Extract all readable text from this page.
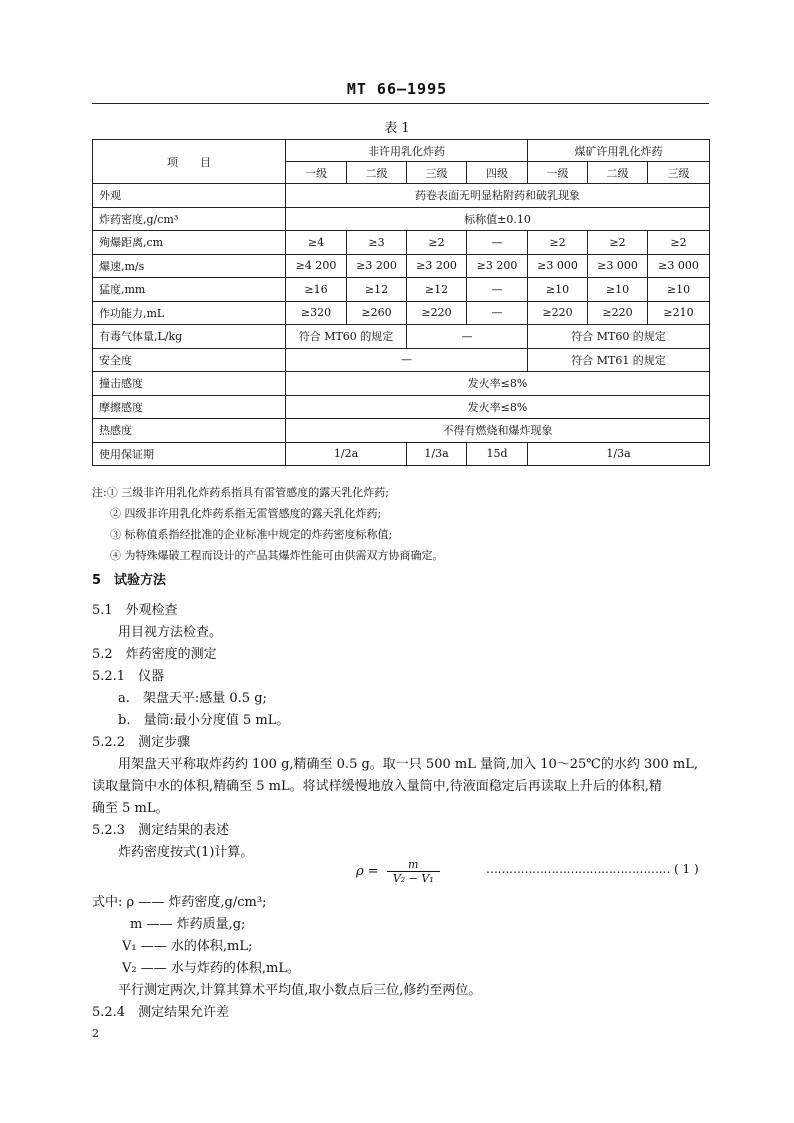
MT 66—1995
表 1
项　　目	非许用乳化炸药				煤矿许用乳化炸药		
	一级	二级	三级	四级	一级	二级	三级
外观	药卷表面无明显粘附药和破乳现象						
炸药密度,g/cm³	标称值±0.10						
殉爆距离,cm	≥4	≥3	≥2	—	≥2	≥2	≥2
爆速,m/s	≥4 200	≥3 200	≥3 200	≥3 200	≥3 000	≥3 000	≥3 000
猛度,mm	≥16	≥12	≥12	—	≥10	≥10	≥10
作功能力,mL	≥320	≥260	≥220	—	≥220	≥220	≥210
有毒气体量,L/kg	符合 MT60 的规定		—		符合 MT60 的规定		
安全度	—				符合 MT61 的规定		
撞击感度	发火率≤8%						
摩擦感度	发火率≤8%						
热感度	不得有燃烧和爆炸现象						
使用保证期	1/2a		1/3a	15d	1/3a		
注:① 三级非许用乳化炸药系指具有雷管感度的露天乳化炸药;
② 四级非许用乳化炸药系指无雷管感度的露天乳化炸药;
③ 标称值系指经批准的企业标准中规定的炸药密度标称值;
④ 为特殊爆破工程而设计的产品其爆炸性能可由供需双方协商确定。
5　试验方法
5.1　外观检查
用目视方法检查。
5.2　炸药密度的测定
5.2.1　仪器
a.　架盘天平:感量 0.5 g;
b.　量筒:最小分度值 5 mL。
5.2.2　测定步骤
用架盘天平称取炸药约 100 g,精确至 0.5 g。取一只 500 mL 量筒,加入 10～25℃的水约 300 mL,
读取量筒中水的体积,精确至 5 mL。将试样缓慢地放入量筒中,待液面稳定后再读取上升后的体积,精
确至 5 mL。
5.2.3　测定结果的表述
炸药密度按式(1)计算。
$\rho = \frac{m}{\text{V₂ − V₁}}$	………………………………………… ( 1 )
式中: ρ —— 炸药密度,g/cm³;
m —— 炸药质量,g;
V₁ —— 水的体积,mL;
V₂ —— 水与炸药的体积,mL。
平行测定两次,计算其算术平均值,取小数点后三位,修约至两位。
5.2.4　测定结果允许差
2
